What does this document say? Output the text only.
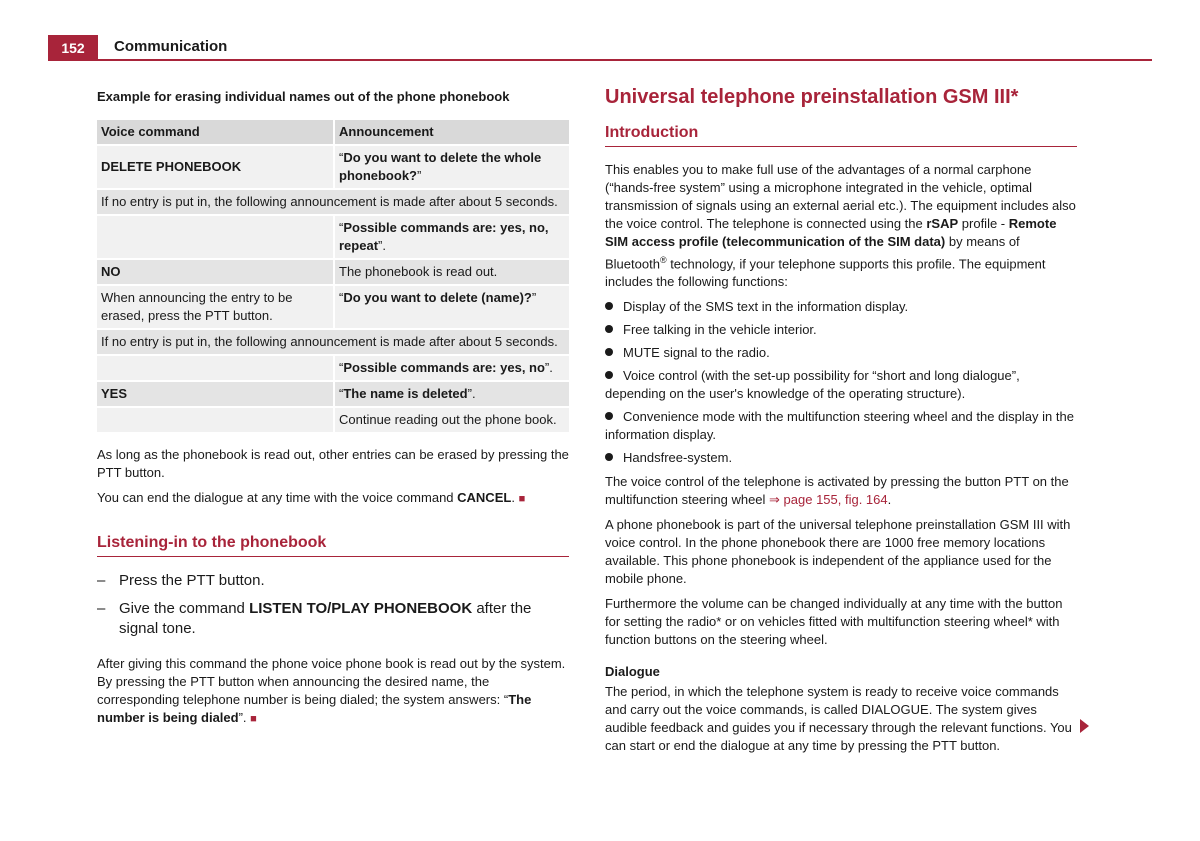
152	Communication
Example for erasing individual names out of the phone phonebook
Voice command	Announcement
DELETE PHONEBOOK	“Do you want to delete the whole phonebook?”
If no entry is put in, the following announcement is made after about 5 seconds.	
	“Possible commands are: yes, no, repeat”.
NO	The phonebook is read out.
When announcing the entry to be erased, press the PTT button.	“Do you want to delete (name)?”
If no entry is put in, the following announcement is made after about 5 seconds.	
	“Possible commands are: yes, no”.
YES	“The name is deleted”.
	Continue reading out the phone book.

As long as the phonebook is read out, other entries can be erased by pressing the PTT button.

You can end the dialogue at any time with the voice command CANCEL. ■

Listening-in to the phonebook
– Press the PTT button.
– Give the command LISTEN TO/PLAY PHONEBOOK after the signal tone.

After giving this command the phone voice phone book is read out by the system. By pressing the PTT button when announcing the desired name, the corresponding telephone number is being dialed; the system answers: “The number is being dialed”. ■

Universal telephone preinstallation GSM III*
Introduction

This enables you to make full use of the advantages of a normal carphone (“hands-free system” using a microphone integrated in the vehicle, optimal transmission of signals using an external aerial etc.). The equipment includes also the voice control. The telephone is connected using the rSAP profile - Remote SIM access profile (telecommunication of the SIM data) by means of Bluetooth® technology, if your telephone supports this profile. The equipment includes the following functions:

Display of the SMS text in the information display.
Free talking in the vehicle interior.
MUTE signal to the radio.
Voice control (with the set-up possibility for “short and long dialogue”, depending on the user's knowledge of the operating structure).
Convenience mode with the multifunction steering wheel and the display in the information display.
Handsfree-system.

The voice control of the telephone is activated by pressing the button PTT on the multifunction steering wheel ⇒ page 155, fig. 164.

A phone phonebook is part of the universal telephone preinstallation GSM III with voice control. In the phone phonebook there are 1000 free memory locations available. This phone phonebook is independent of the appliance used for the mobile phone.

Furthermore the volume can be changed individually at any time with the button for setting the radio* or on vehicles fitted with multifunction steering wheel* with function buttons on the steering wheel.

Dialogue

The period, in which the telephone system is ready to receive voice commands and carry out the voice commands, is called DIALOGUE. The system gives audible feedback and guides you if necessary through the relevant functions. You can start or end the dialogue at any time by pressing the PTT button.
